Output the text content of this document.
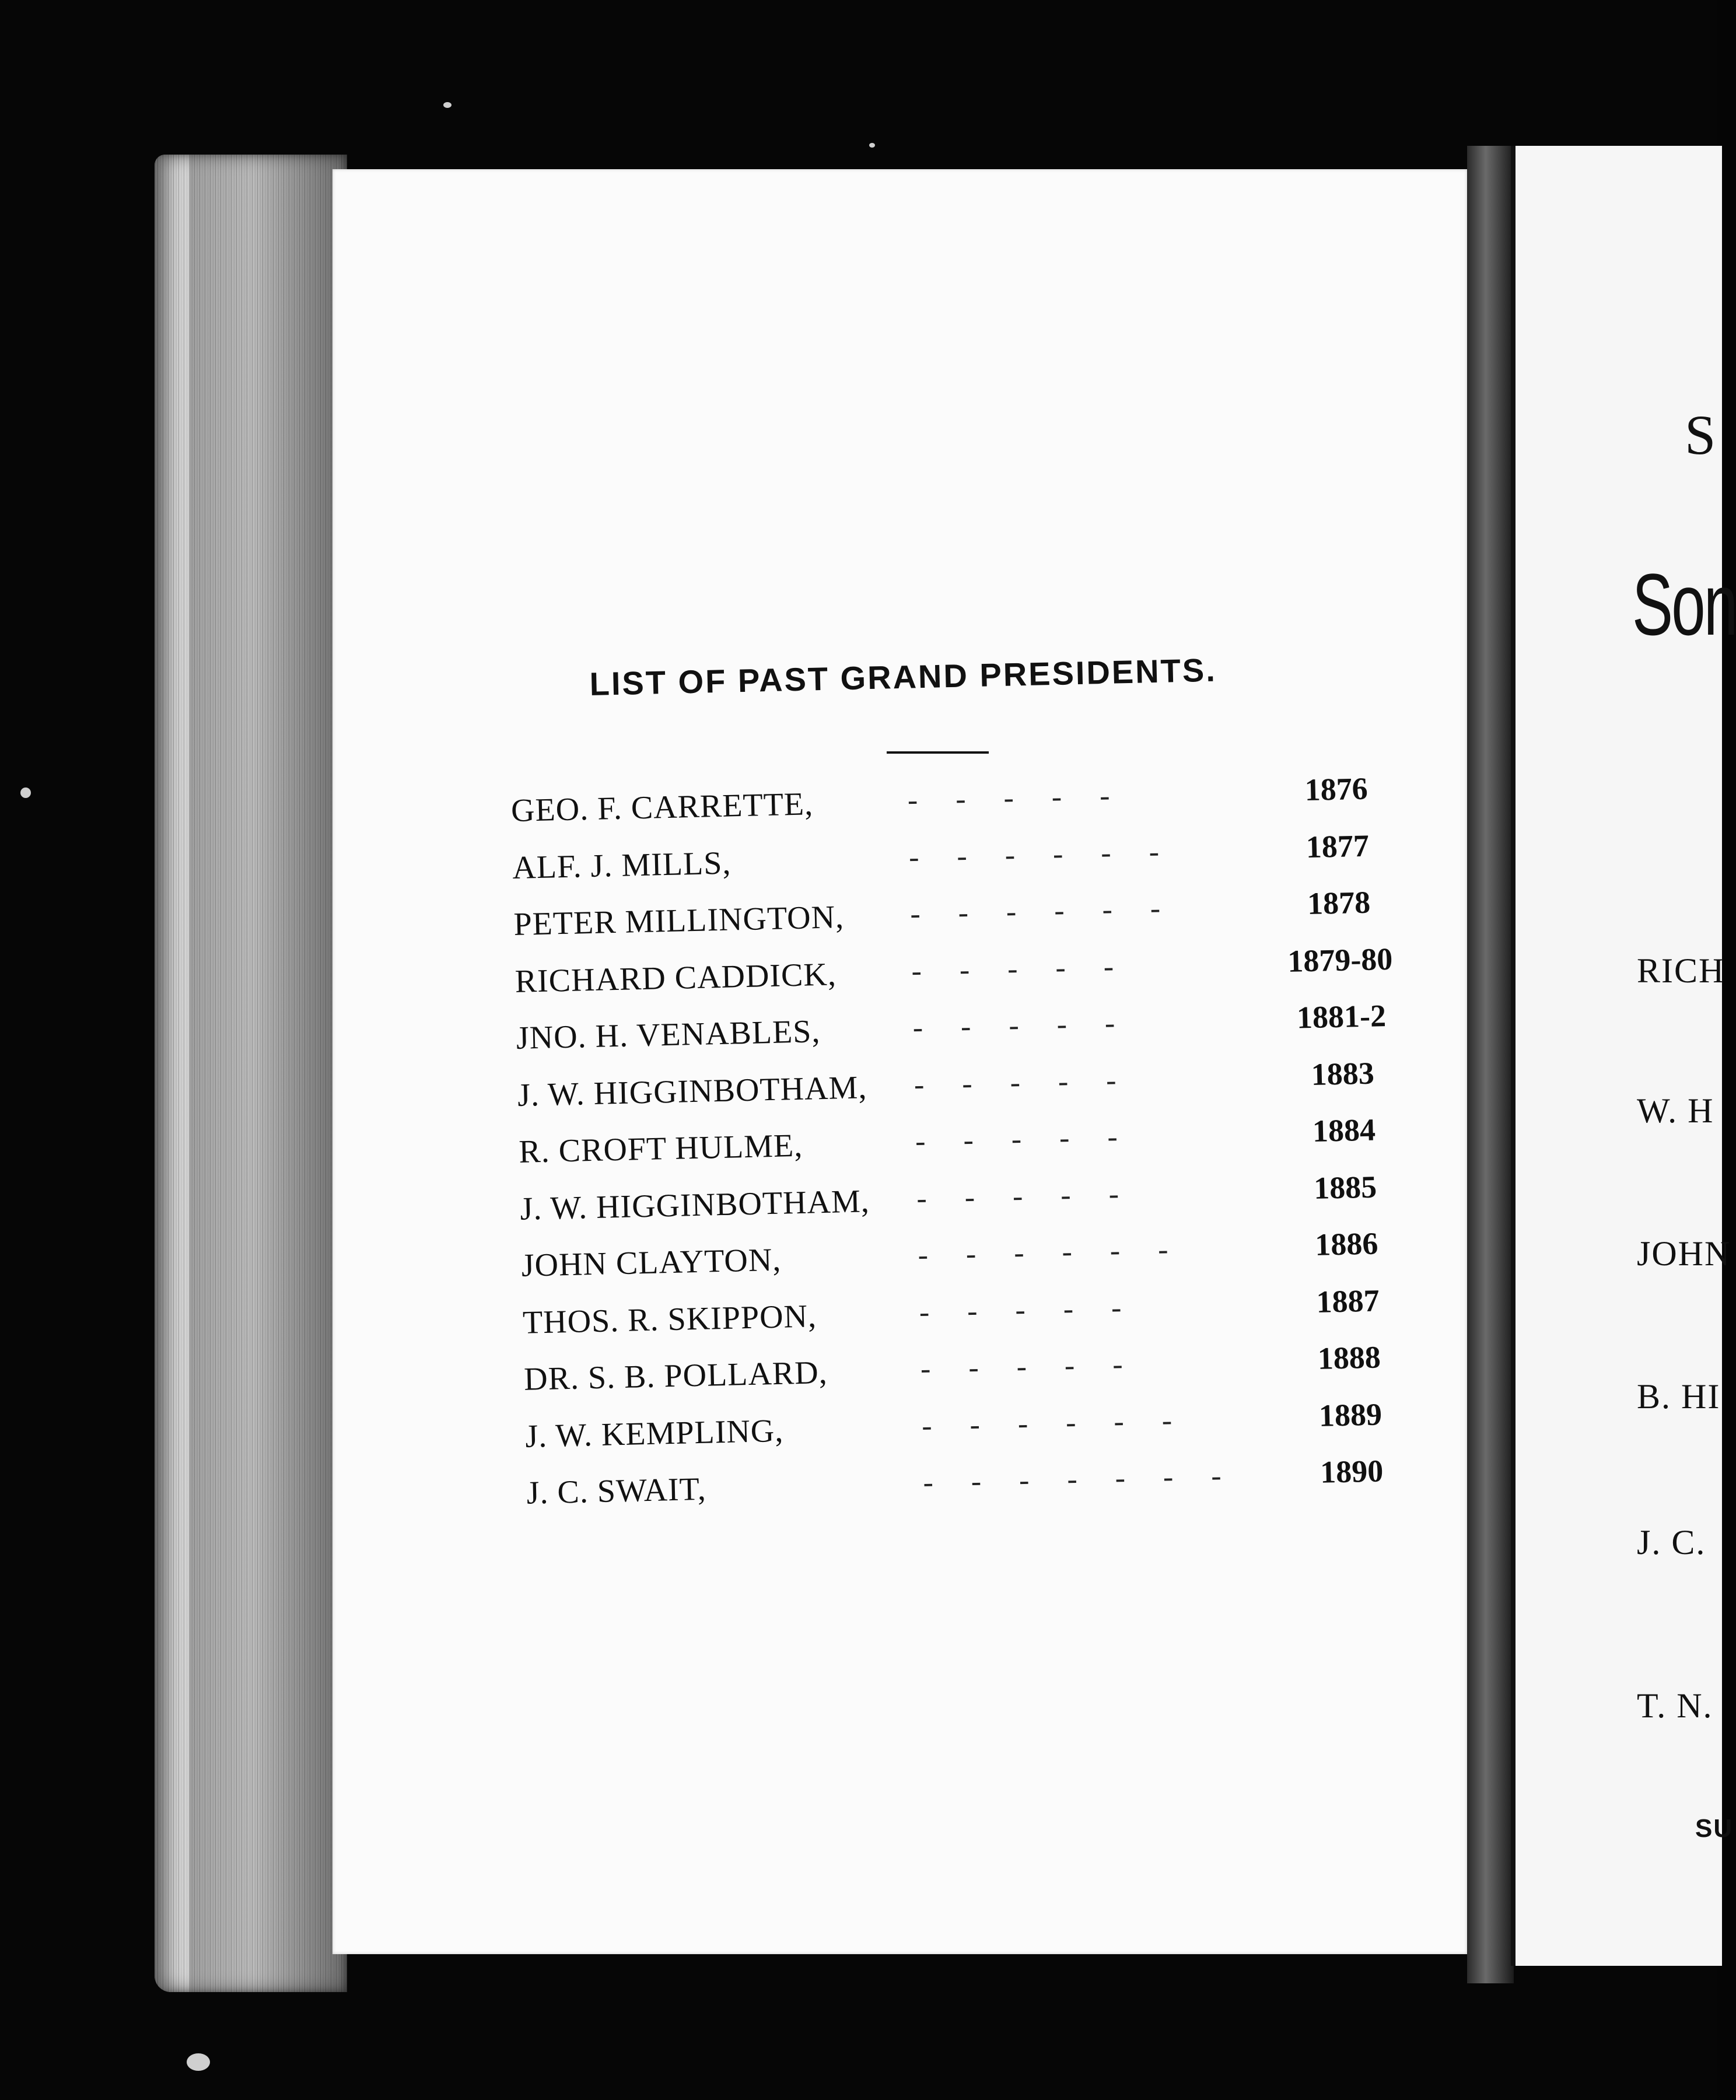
S
Son
RICH
W. H
JOHN
B. HI
J. C.
T. N.
SU
LIST OF PAST GRAND PRESIDENTS.
GEO. F. CARRETTE,	-     -     -     -     -	1876
ALF. J. MILLS,	-     -     -     -     -     -	1877
PETER MILLINGTON, -     -     -     -     -     -	1878
RICHARD CADDICK, -     -     -     -     -	1879-80
JNO. H. VENABLES,	-     -     -     -     -	1881-2
J. W. HIGGINBOTHAM, -     -     -     -     -	1883
R. CROFT HULME,	-     -     -     -     -	1884
J. W. HIGGINBOTHAM, -     -     -     -     -	1885
JOHN CLAYTON,	-     -     -     -     -     -	1886
THOS. R. SKIPPON,	-     -     -     -     -	1887
DR. S. B. POLLARD,	-     -     -     -     -	1888
J. W. KEMPLING,	-     -     -     -     -     -	1889
J. C. SWAIT,	-     -     -     -     -     -     -	1890
